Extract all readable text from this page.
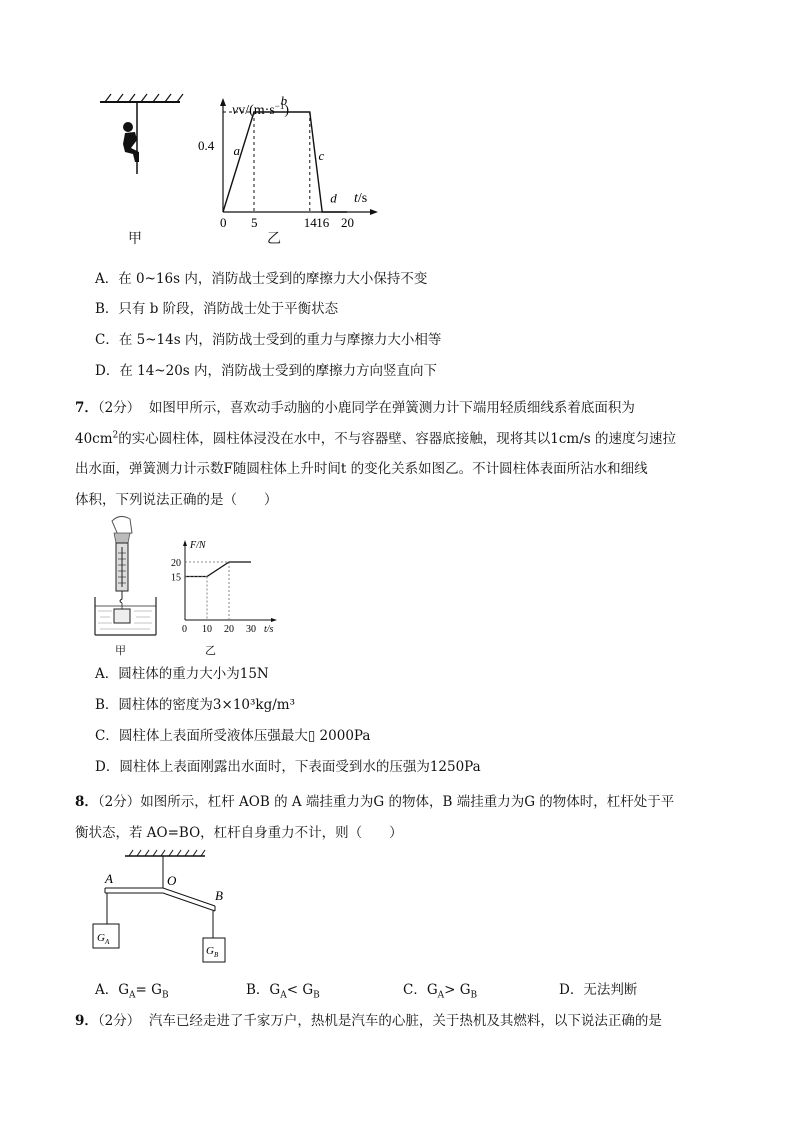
甲
$vv/(m\cdot s^{-1})$
t/s
0.4
0 5	14 16 20
a
b
c
d
乙
A．在 0~16s 内，消防战士受到的摩擦力大小保持不变
B．只有 b 阶段，消防战士处于平衡状态
C．在 5~14s 内，消防战士受到的重力与摩擦力大小相等
D．在 14~20s 内，消防战士受到的摩擦力方向竖直向下
7．（2分） 如图甲所示，喜欢动手动脑的小鹿同学在弹簧测力计下端用轻质细线系着底面积为
$40cm^2$的实心圆柱体，圆柱体浸没在水中，不与容器壁、容器底接触，现将其以1cm/s 的速度匀速拉
出水面，弹簧测力计示数F随圆柱体上升时间t 的变化关系如图乙。不计圆柱体表面所沾水和细线
体积，下列说法正确的是（　　）
甲
F/N
t/s
20
15
0 10 20 30
乙
A．圆柱体的重力大小为15N
B．圆柱体的密度为3×10³kg/m³
C．圆柱体上表面所受液体压强最大▯ 2000Pa
D．圆柱体上表面刚露出水面时，下表面受到水的压强为1250Pa
8．（2分）如图所示，杠杆 AOB 的 A 端挂重力为G 的物体，B 端挂重力为G 的物体时，杠杆处于平
衡状态，若 AO=BO，杠杆自身重力不计，则（　　）
A	O
B
$G_A$
$G_B$
A．$G_A= G_B$	B．$G_A< G_B$	C．$G_A> G_B$	D．无法判断
9．（2分） 汽车已经走进了千家万户，热机是汽车的心脏，关于热机及其燃料，以下说法正确的是
